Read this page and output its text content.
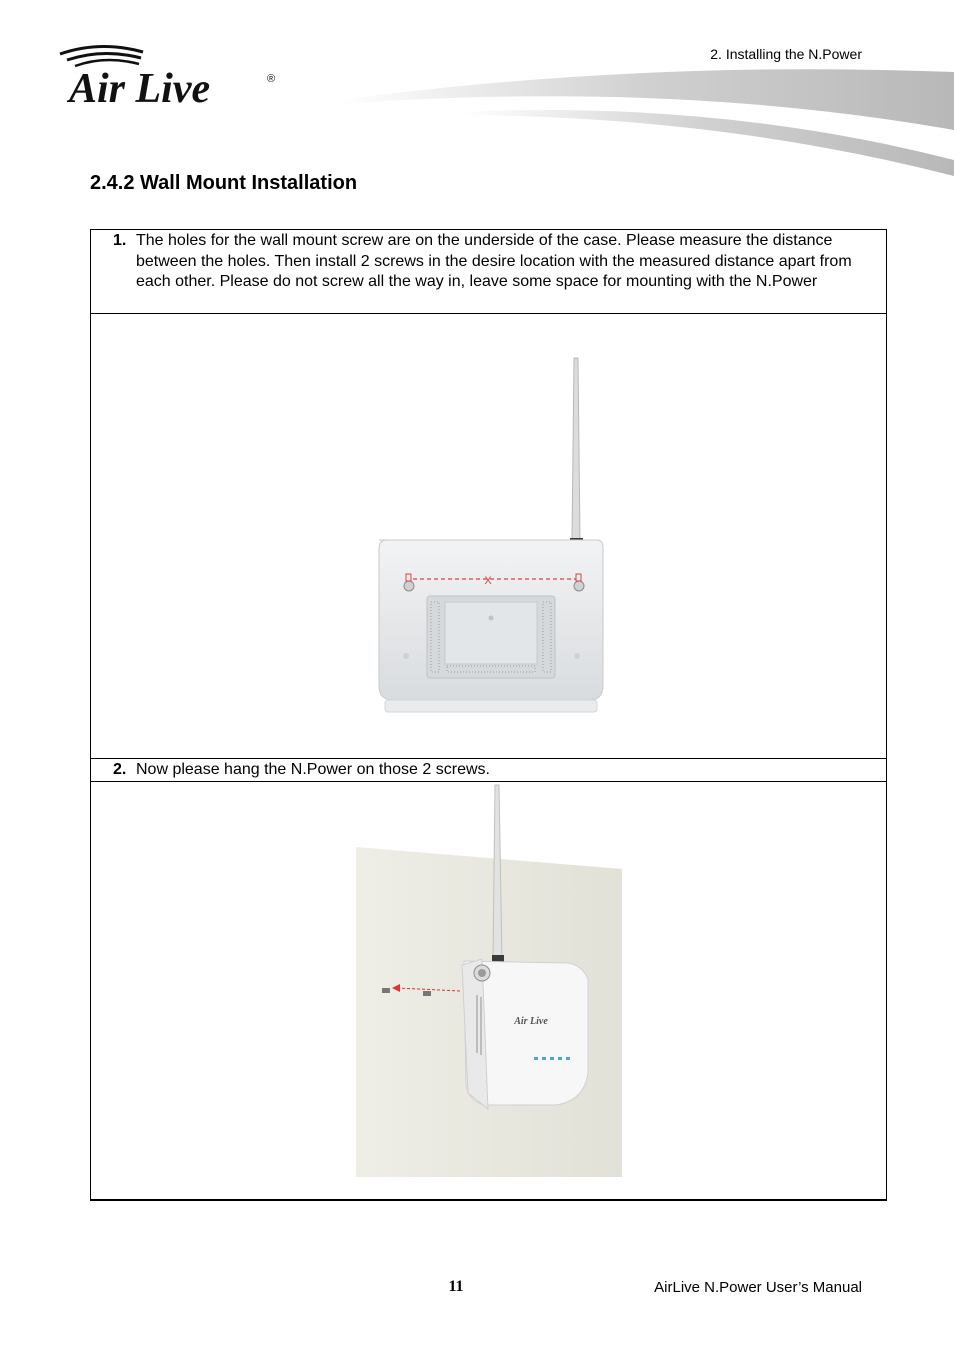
2. Installing the N.Power
Air Live	®
2.4.2 Wall Mount Installation
1. The holes for the wall mount screw are on the underside of the case. Please measure the distance between the holes. Then install 2 screws in the desire location with the measured distance apart from each other. Please do not screw all the way in, leave some space for mounting with the N.Power
X
2. Now please hang the N.Power on those 2 screws.
Air Live
11	AirLive N.Power User’s Manual
